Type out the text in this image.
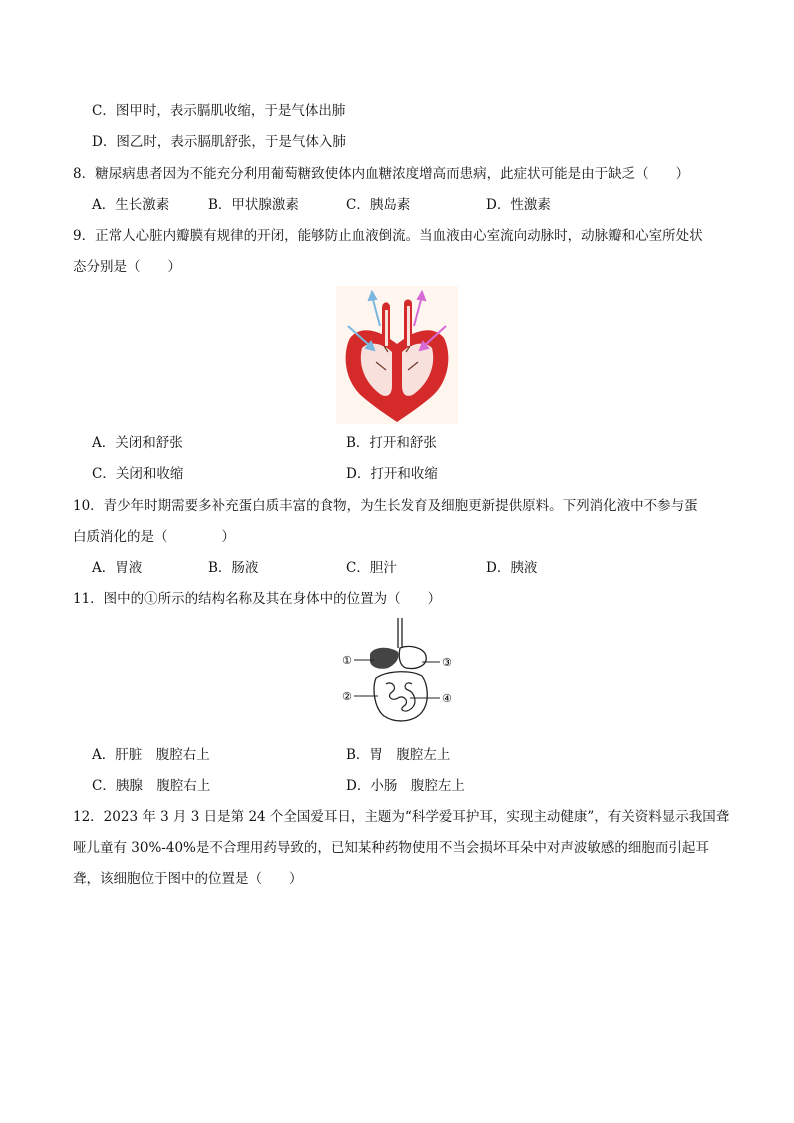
C．图甲时，表示膈肌收缩，于是气体出肺
D．图乙时，表示膈肌舒张，于是气体入肺
8．糖尿病患者因为不能充分利用葡萄糖致使体内血糖浓度增高而患病，此症状可能是由于缺乏（　　）
A．生长激素	B．甲状腺激素	C．胰岛素	D．性激素
9．正常人心脏内瓣膜有规律的开闭，能够防止血液倒流。当血液由心室流向动脉时，动脉瓣和心室所处状
态分别是（　　）
A．关闭和舒张	B．打开和舒张
C．关闭和收缩	D．打开和收缩
10．青少年时期需要多补充蛋白质丰富的食物，为生长发育及细胞更新提供原料。下列消化液中不参与蛋
白质消化的是（　　　　）
A．胃液	B．肠液	C．胆汁	D．胰液
11．图中的①所示的结构名称及其在身体中的位置为（　　）
①
②
③
④
A．肝脏　腹腔右上	B．胃　腹腔左上
C．胰腺　腹腔右上	D．小肠　腹腔左上
12．2023 年 3 月 3 日是第 24 个全国爱耳日，主题为“科学爱耳护耳，实现主动健康”，有关资料显示我国聋
哑儿童有 30%-40%是不合理用药导致的，已知某种药物使用不当会损坏耳朵中对声波敏感的细胞而引起耳
聋，该细胞位于图中的位置是（　　）
